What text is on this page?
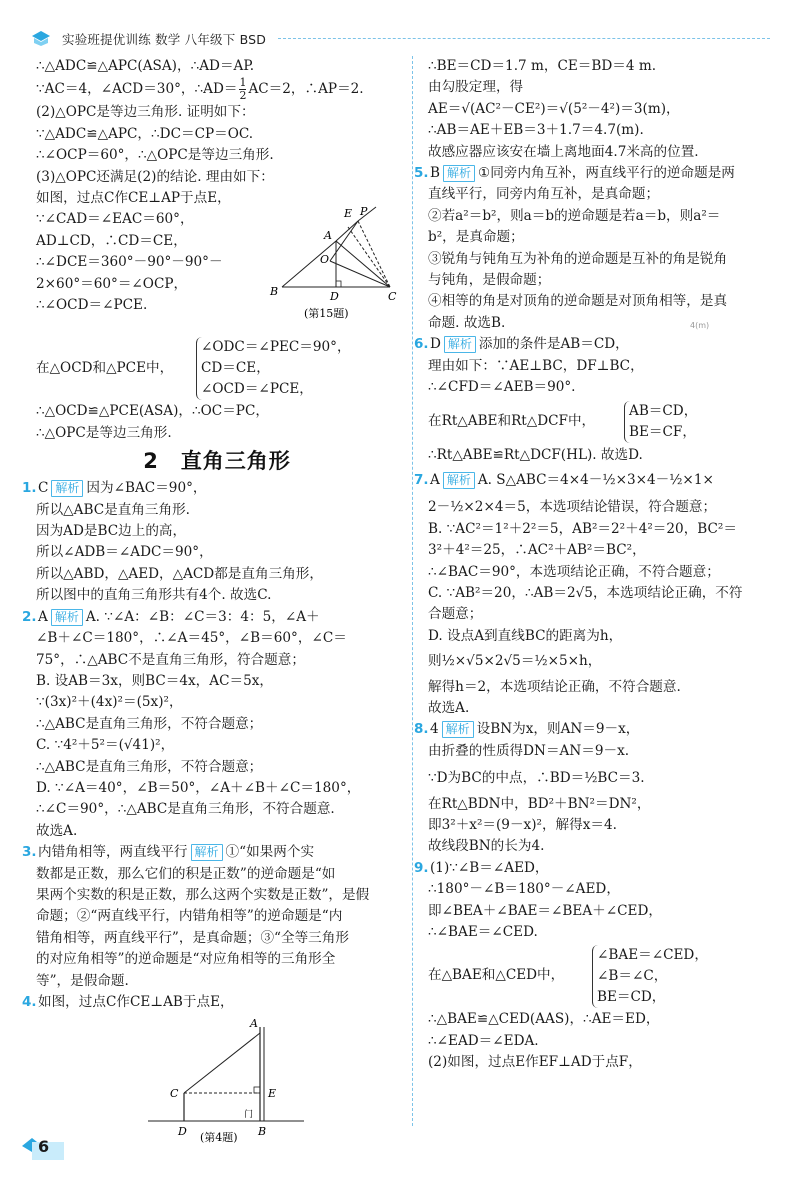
实验班提优训练 数学 八年级下 BSD
∴△ADC≌△APC(ASA)，∴AD＝AP.
∵AC＝4，∠ACD＝30°，∴AD＝ $\frac{1}{2} AC=2$，∴AP＝2.
(2)△OPC是等边三角形. 证明如下：
∵△ADC≌△APC，∴DC＝CP＝OC.
∴∠OCP＝60°，∴△OPC是等边三角形.
(3)△OPC还满足(2)的结论. 理由如下：
如图，过点C作CE⊥AP于点E，
∵∠CAD＝∠EAC＝60°，
AD⊥CD，∴CD＝CE，
∴∠DCE＝360°－90°－90°－
2×60°＝60°＝∠OCP，
∴∠OCD＝∠PCE.
E P
A
O
B	D	C
(第15题)
在△OCD和△PCE中，
∠ODC＝∠PEC＝90°，
CD＝CE，
∠OCD＝∠PCE，
∴△OCD≌△PCE(ASA)，∴OC＝PC，
∴△OPC是等边三角形.
2　直角三角形
1.C 解析 因为∠BAC＝90°，
所以△ABC是直角三角形.
因为AD是BC边上的高，
所以∠ADB＝∠ADC＝90°，
所以△ABD，△AED，△ACD都是直角三角形，
所以图中的直角三角形共有4个. 故选C.
2.A 解析 A. ∵∠A：∠B：∠C＝3：4：5，∠A＋
∠B＋∠C＝180°，∴∠A＝45°，∠B＝60°，∠C＝
75°，∴△ABC不是直角三角形，符合题意；
B. 设AB＝3x，则BC＝4x，AC＝5x，
∵(3x)²＋(4x)²＝(5x)²，
∴△ABC是直角三角形，不符合题意；
C. ∵4²＋5²＝(√41)²，
∴△ABC是直角三角形，不符合题意；
D. ∵∠A＝40°，∠B＝50°，∠A＋∠B＋∠C＝180°，
∴∠C＝90°，∴△ABC是直角三角形，不符合题意.
故选A.
3.内错角相等，两直线平行 解析 ①“如果两个实
数都是正数，那么它们的积是正数”的逆命题是“如
果两个实数的积是正数，那么这两个实数是正数”，是假
命题；②“两直线平行，内错角相等”的逆命题是“内
错角相等，两直线平行”，是真命题；③“全等三角形
的对应角相等”的逆命题是“对应角相等的三角形全
等”，是假命题.
4.如图，过点C作CE⊥AB于点E，
A
C	E
D	B
门
(第4题)
∴BE＝CD＝1.7 m，CE＝BD＝4 m.
由勾股定理，得
AE＝√(AC²－CE²)＝√(5²－4²)＝3(m)，
∴AB＝AE＋EB＝3＋1.7＝4.7(m).
故感应器应该安在墙上离地面4.7米高的位置.
5.B 解析 ①同旁内角互补，两直线平行的逆命题是两
直线平行，同旁内角互补，是真命题；
②若a²＝b²，则a＝b的逆命题是若a＝b，则a²＝
b²，是真命题；
③锐角与钝角互为补角的逆命题是互补的角是锐角
与钝角，是假命题；
④相等的角是对顶角的逆命题是对顶角相等，是真
命题. 故选B.	4(m)
6.D 解析 添加的条件是AB＝CD，
理由如下：∵AE⊥BC，DF⊥BC，
∴∠CFD＝∠AEB＝90°.
在Rt△ABE和Rt△DCF中，
AB＝CD，
BE＝CF，
∴Rt△ABE≌Rt△DCF(HL). 故选D.
7.A 解析 A. S△ABC＝4×4－½×3×4－½×1×
2－½×2×4＝5，本选项结论错误，符合题意；
B. ∵AC²＝1²＋2²＝5，AB²＝2²＋4²＝20，BC²＝
3²＋4²＝25，∴AC²＋AB²＝BC²，
∴∠BAC＝90°，本选项结论正确，不符合题意；
C. ∵AB²＝20，∴AB＝2√5，本选项结论正确，不符
合题意；
D. 设点A到直线BC的距离为h，
则½×√5×2√5＝½×5×h，
解得h＝2，本选项结论正确，不符合题意.
故选A.
8.4 解析 设BN为x，则AN＝9－x，
由折叠的性质得DN＝AN＝9－x.
∵D为BC的中点，∴BD＝½BC＝3.
在Rt△BDN中，BD²＋BN²＝DN²，
即3²＋x²＝(9－x)²，解得x＝4.
故线段BN的长为4.
9.(1)∵∠B＝∠AED，
∴180°－∠B＝180°－∠AED，
即∠BEA＋∠BAE＝∠BEA＋∠CED，
∴∠BAE＝∠CED.
在△BAE和△CED中，
∠BAE＝∠CED，
∠B＝∠C，
BE＝CD，
∴△BAE≌△CED(AAS)，∴AE＝ED，
∴∠EAD＝∠EDA.
(2)如图，过点E作EF⊥AD于点F，
6
